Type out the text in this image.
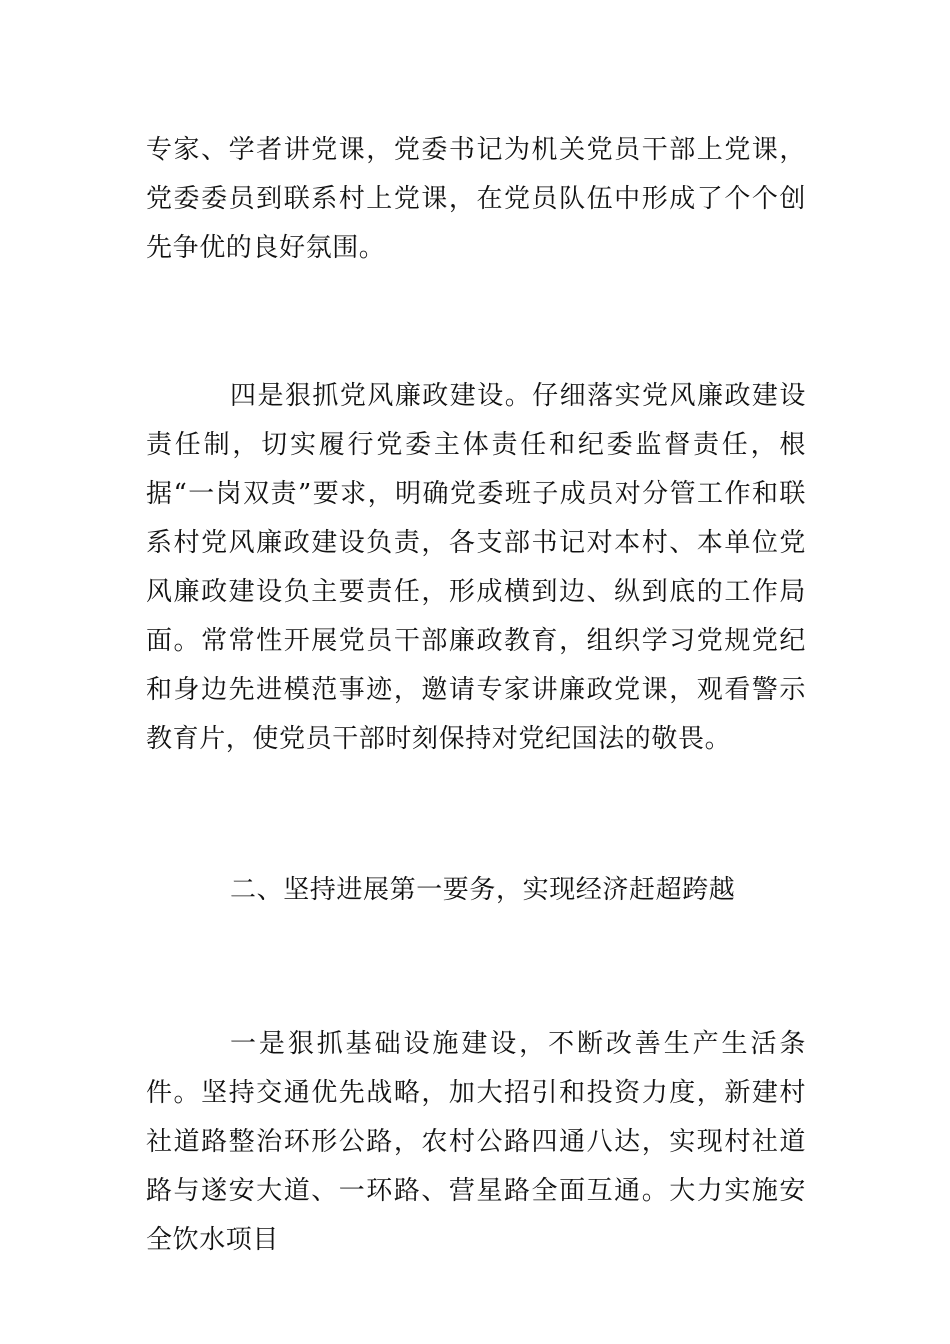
专家、学者讲党课，党委书记为机关党员干部上党课，党委委员到联系村上党课，在党员队伍中形成了个个创先争优的良好氛围。

四是狠抓党风廉政建设。仔细落实党风廉政建设责任制，切实履行党委主体责任和纪委监督责任，根据“一岗双责”要求，明确党委班子成员对分管工作和联系村党风廉政建设负责，各支部书记对本村、本单位党风廉政建设负主要责任，形成横到边、纵到底的工作局面。常常性开展党员干部廉政教育，组织学习党规党纪和身边先进模范事迹，邀请专家讲廉政党课，观看警示教育片，使党员干部时刻保持对党纪国法的敬畏。

二、坚持进展第一要务，实现经济赶超跨越

一是狠抓基础设施建设，不断改善生产生活条件。坚持交通优先战略，加大招引和投资力度，新建村社道路整治环形公路，农村公路四通八达，实现村社道路与遂安大道、一环路、营星路全面互通。大力实施安全饮水项目
